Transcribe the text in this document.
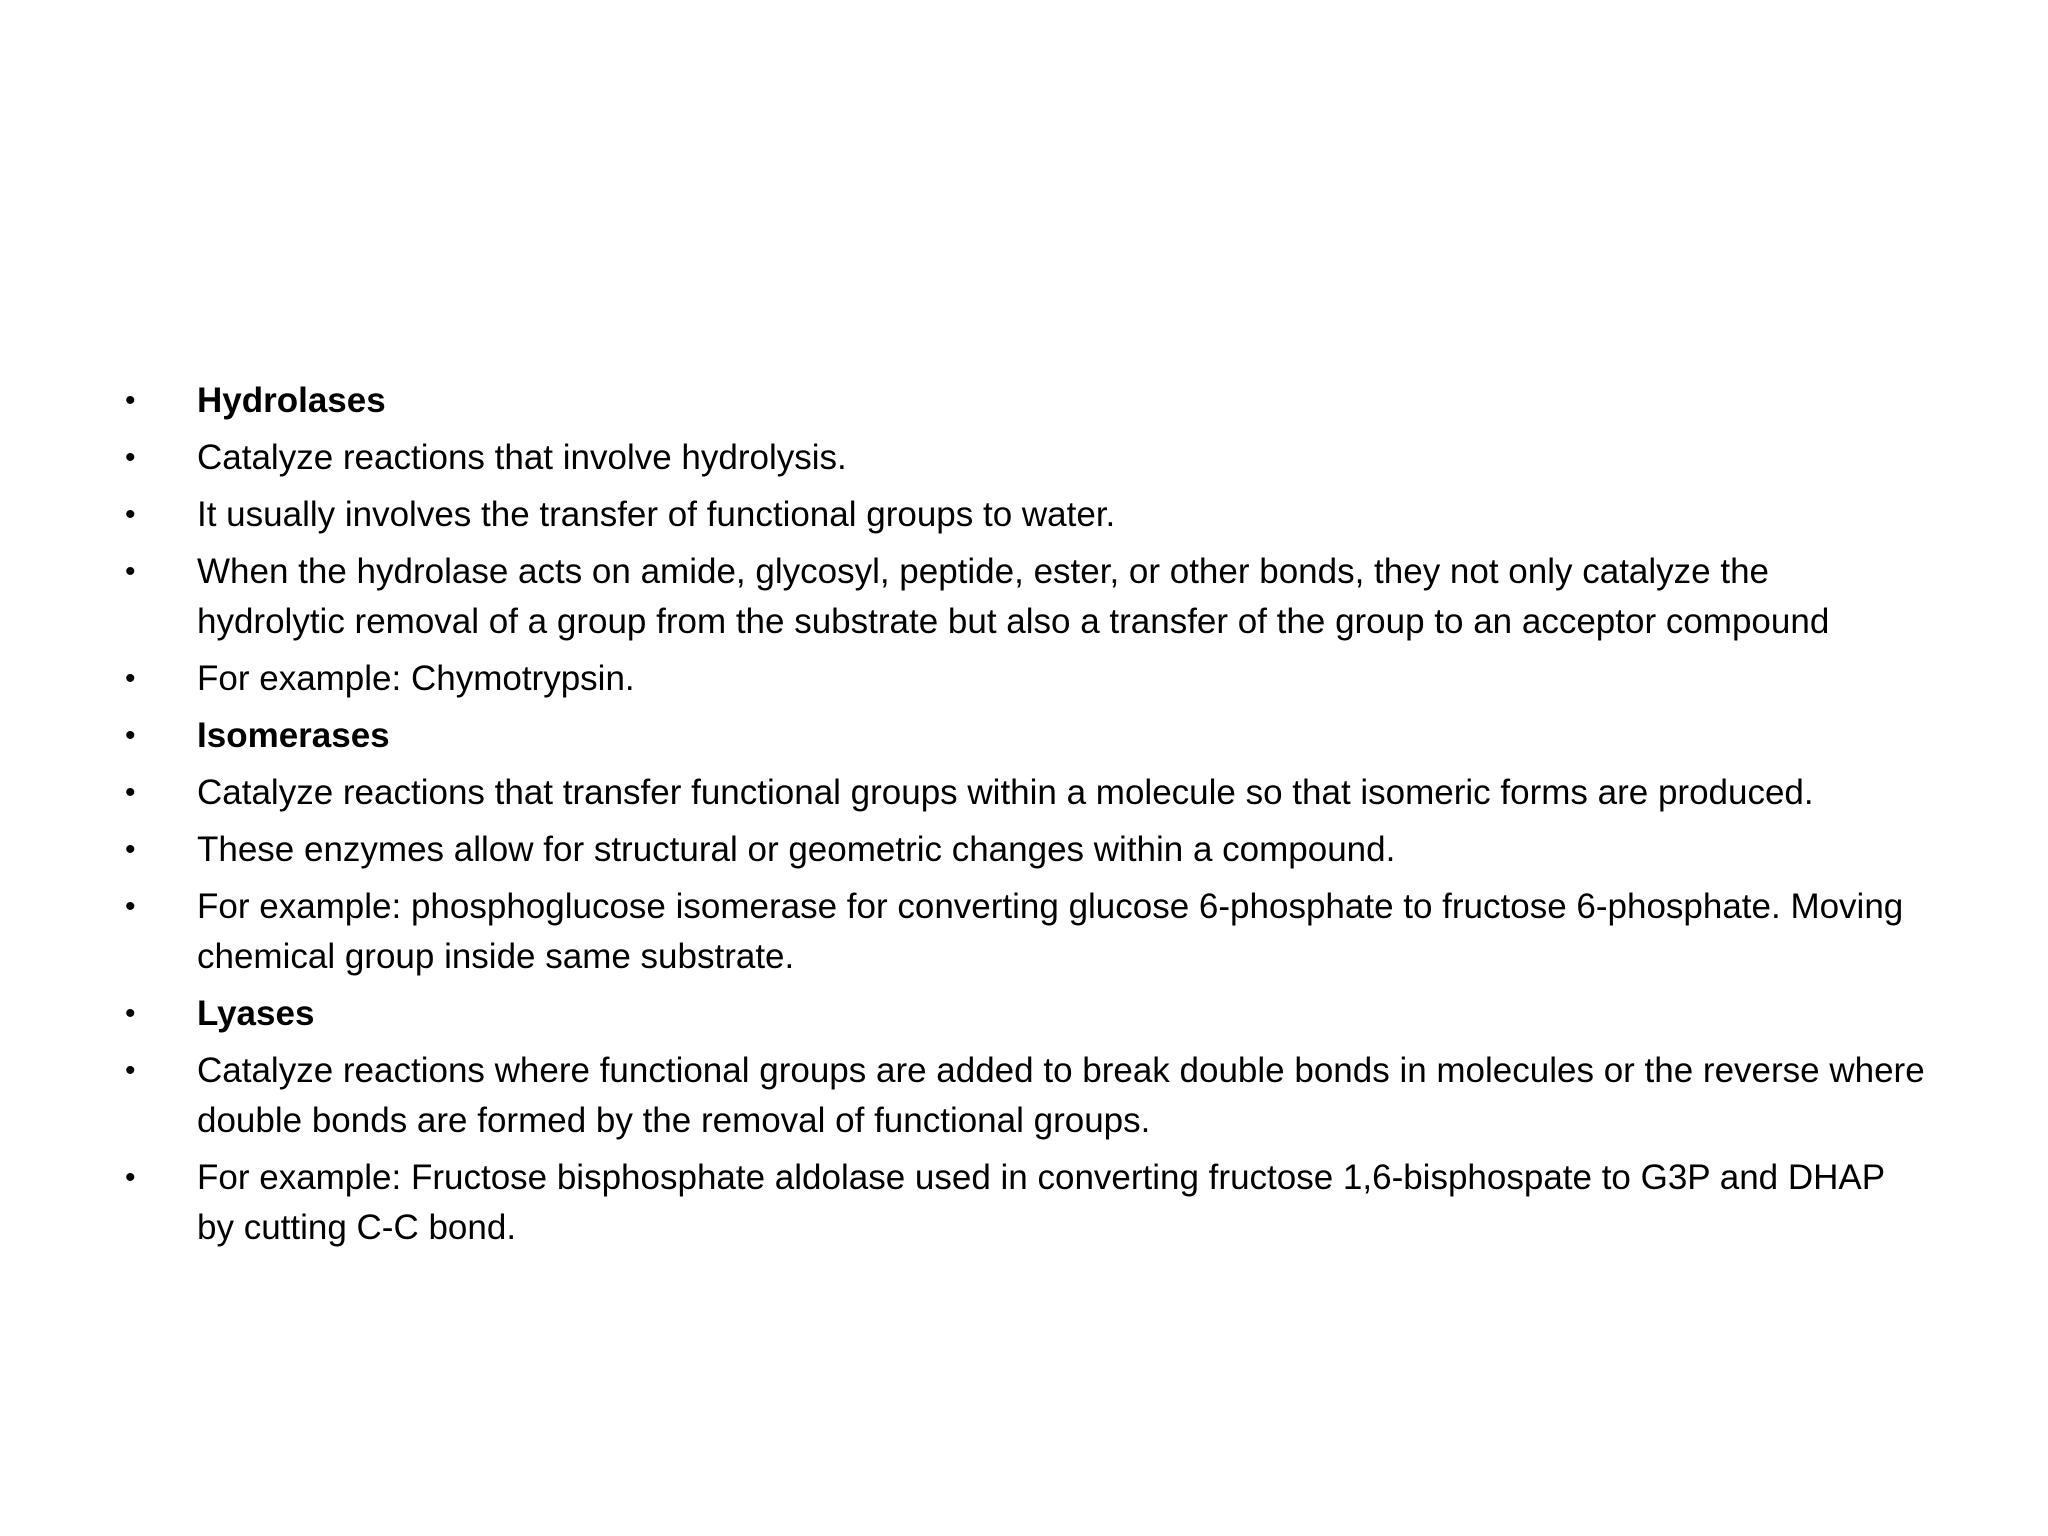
•	Hydrolases
•	Catalyze reactions that involve hydrolysis.
•	It usually involves the transfer of functional groups to water.
•	When the hydrolase acts on amide, glycosyl, peptide, ester, or other bonds, they not only catalyze the hydrolytic removal of a group from the substrate but also a transfer of the group to an acceptor compound
•	For example: Chymotrypsin.
•	Isomerases
•	Catalyze reactions that transfer functional groups within a molecule so that isomeric forms are produced.
•	These enzymes allow for structural or geometric changes within a compound.
•	For example: phosphoglucose isomerase for converting glucose 6-phosphate to fructose 6-phosphate. Moving chemical group inside same substrate.
•	Lyases
•	Catalyze reactions where functional groups are added to break double bonds in molecules or the reverse where double bonds are formed by the removal of functional groups.
•	For example: Fructose bisphosphate aldolase used in converting fructose 1,6-bisphospate to G3P and DHAP by cutting C-C bond.
